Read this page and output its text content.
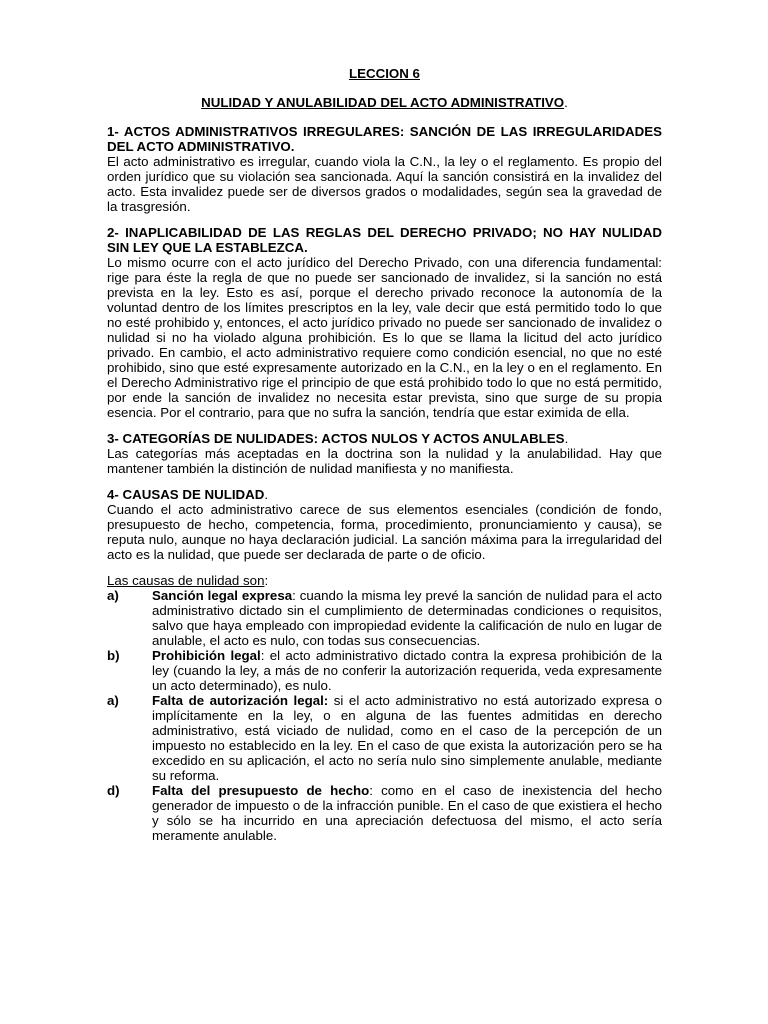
LECCION 6

NULIDAD Y ANULABILIDAD DEL ACTO ADMINISTRATIVO.

1- ACTOS ADMINISTRATIVOS IRREGULARES: SANCIÓN DE LAS IRREGULARIDADES DEL ACTO ADMINISTRATIVO.

El acto administrativo es irregular, cuando viola la C.N., la ley o el reglamento. Es propio del orden jurídico que su violación sea sancionada. Aquí la sanción consistirá en la invalidez del acto. Esta invalidez puede ser de diversos grados o modalidades, según sea la gravedad de la trasgresión.

2- INAPLICABILIDAD DE LAS REGLAS DEL DERECHO PRIVADO; NO HAY NULIDAD SIN LEY QUE LA ESTABLEZCA.

Lo mismo ocurre con el acto jurídico del Derecho Privado, con una diferencia fundamental: rige para éste la regla de que no puede ser sancionado de invalidez, si la sanción no está prevista en la ley. Esto es así, porque el derecho privado reconoce la autonomía de la voluntad dentro de los límites prescriptos en la ley, vale decir que está permitido todo lo que no esté prohibido y, entonces, el acto jurídico privado no puede ser sancionado de invalidez o nulidad si no ha violado alguna prohibición. Es lo que se llama la licitud del acto jurídico privado. En cambio, el acto administrativo requiere como condición esencial, no que no esté prohibido, sino que esté expresamente autorizado en la C.N., en la ley o en el reglamento. En el Derecho Administrativo rige el principio de que está prohibido todo lo que no está permitido, por ende la sanción de invalidez no necesita estar prevista, sino que surge de su propia esencia. Por el contrario, para que no sufra la sanción, tendría que estar eximida de ella.

3- CATEGORÍAS DE NULIDADES: ACTOS NULOS Y ACTOS ANULABLES.

Las categorías más aceptadas en la doctrina son la nulidad y la anulabilidad. Hay que mantener también la distinción de nulidad manifiesta y no manifiesta.

4- CAUSAS DE NULIDAD.

Cuando el acto administrativo carece de sus elementos esenciales (condición de fondo, presupuesto de hecho, competencia, forma, procedimiento, pronunciamiento y causa), se reputa nulo, aunque no haya declaración judicial. La sanción máxima para la irregularidad del acto es la nulidad, que puede ser declarada de parte o de oficio.

Las causas de nulidad son:

a)	Sanción legal expresa: cuando la misma ley prevé la sanción de nulidad para el acto administrativo dictado sin el cumplimiento de determinadas condiciones o requisitos, salvo que haya empleado con impropiedad evidente la calificación de nulo en lugar de anulable, el acto es nulo, con todas sus consecuencias.
b)	Prohibición legal: el acto administrativo dictado contra la expresa prohibición de la ley (cuando la ley, a más de no conferir la autorización requerida, veda expresamente un acto determinado), es nulo.
a)	Falta de autorización legal: si el acto administrativo no está autorizado expresa o implícitamente en la ley, o en alguna de las fuentes admitidas en derecho administrativo, está viciado de nulidad, como en el caso de la percepción de un impuesto no establecido en la ley. En el caso de que exista la autorización pero se ha excedido en su aplicación, el acto no sería nulo sino simplemente anulable, mediante su reforma.
d)	Falta del presupuesto de hecho: como en el caso de inexistencia del hecho generador de impuesto o de la infracción punible. En el caso de que existiera el hecho y sólo se ha incurrido en una apreciación defectuosa del mismo, el acto sería meramente anulable.
